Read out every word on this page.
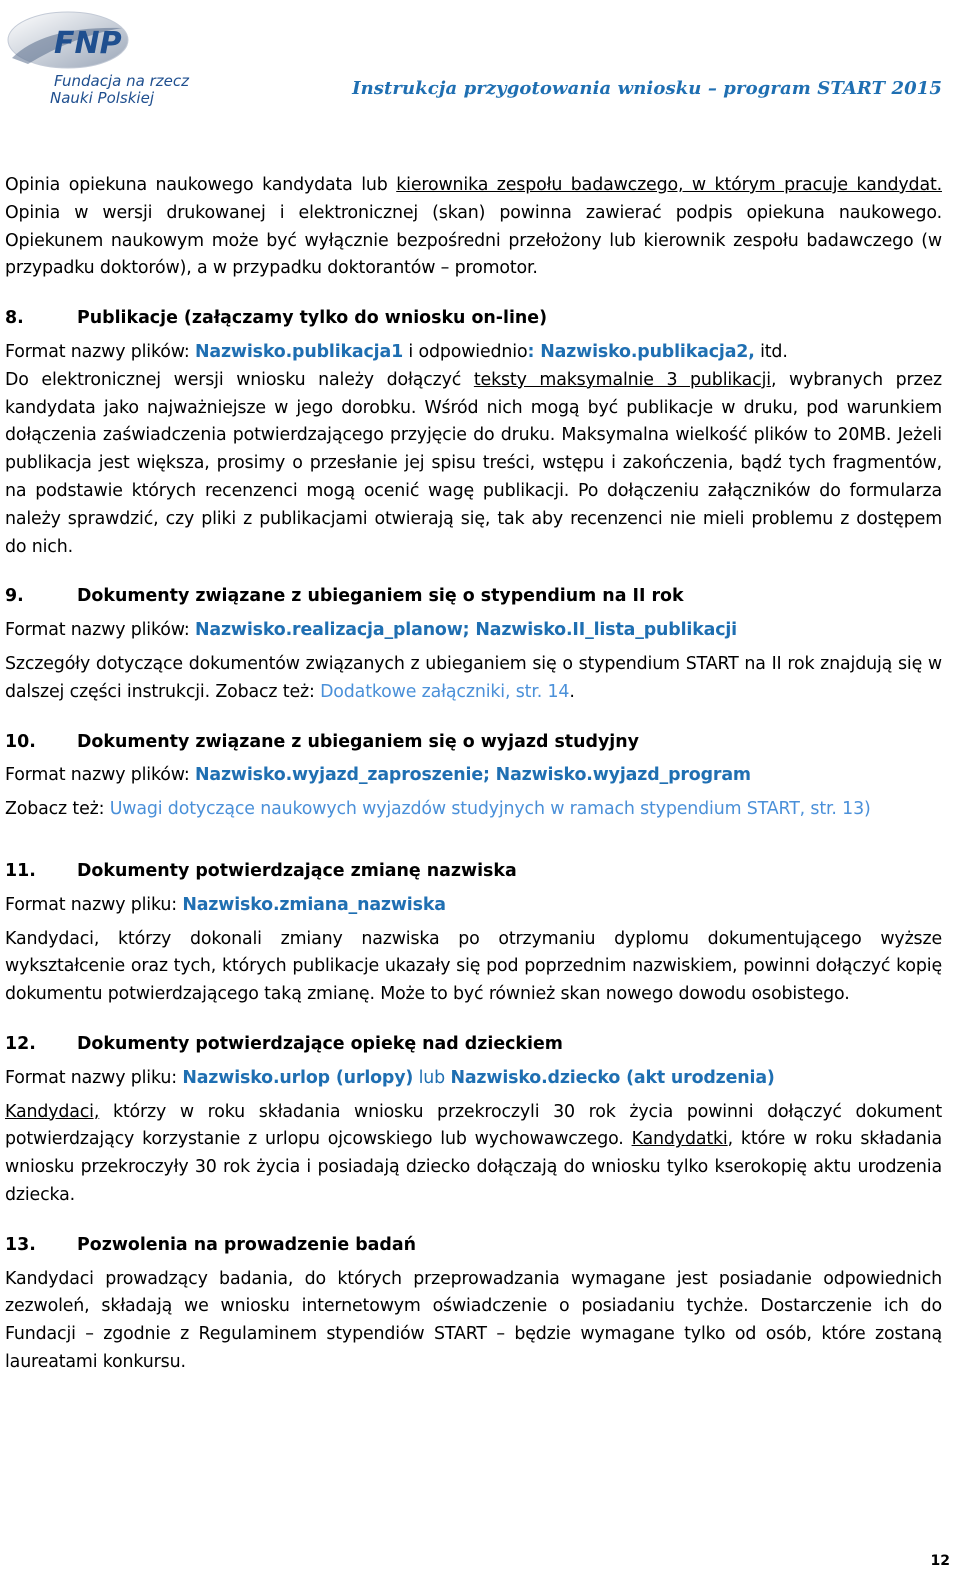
FNP
Fundacja na rzecz
Nauki Polskiej	Instrukcja przygotowania wniosku – program START 2015

Opinia opiekuna naukowego kandydata lub kierownika zespołu badawczego, w którym pracuje kandydat. Opinia w wersji drukowanej i elektronicznej (skan) powinna zawierać podpis opiekuna naukowego. Opiekunem naukowym może być wyłącznie bezpośredni przełożony lub kierownik zespołu badawczego (w przypadku doktorów), a w przypadku doktorantów – promotor.

8.	Publikacje (załączamy tylko do wniosku on-line)

Format nazwy plików: Nazwisko.publikacja1 i odpowiednio: Nazwisko.publikacja2, itd.

Do elektronicznej wersji wniosku należy dołączyć teksty maksymalnie 3 publikacji, wybranych przez kandydata jako najważniejsze w jego dorobku. Wśród nich mogą być publikacje w druku, pod warunkiem dołączenia zaświadczenia potwierdzającego przyjęcie do druku. Maksymalna wielkość plików to 20MB. Jeżeli publikacja jest większa, prosimy o przesłanie jej spisu treści, wstępu i zakończenia, bądź tych fragmentów, na podstawie których recenzenci mogą ocenić wagę publikacji. Po dołączeniu załączników do formularza należy sprawdzić, czy pliki z publikacjami otwierają się, tak aby recenzenci nie mieli problemu z dostępem do nich.

9.	Dokumenty związane z ubieganiem się o stypendium na II rok

Format nazwy plików: Nazwisko.realizacja_planow; Nazwisko.II_lista_publikacji

Szczegóły dotyczące dokumentów związanych z ubieganiem się o stypendium START na II rok znajdują się w dalszej części instrukcji. Zobacz też: Dodatkowe załączniki, str. 14.

10. Dokumenty związane z ubieganiem się o wyjazd studyjny

Format nazwy plików: Nazwisko.wyjazd_zaproszenie; Nazwisko.wyjazd_program

Zobacz też: Uwagi dotyczące naukowych wyjazdów studyjnych w ramach stypendium START, str. 13)

11. Dokumenty potwierdzające zmianę nazwiska

Format nazwy pliku: Nazwisko.zmiana_nazwiska

Kandydaci, którzy dokonali zmiany nazwiska po otrzymaniu dyplomu dokumentującego wyższe wykształcenie oraz tych, których publikacje ukazały się pod poprzednim nazwiskiem, powinni dołączyć kopię dokumentu potwierdzającego taką zmianę. Może to być również skan nowego dowodu osobistego.

12. Dokumenty potwierdzające opiekę nad dzieckiem

Format nazwy pliku: Nazwisko.urlop (urlopy) lub Nazwisko.dziecko (akt urodzenia)

Kandydaci, którzy w roku składania wniosku przekroczyli 30 rok życia powinni dołączyć dokument potwierdzający korzystanie z urlopu ojcowskiego lub wychowawczego. Kandydatki, które w roku składania wniosku przekroczyły 30 rok życia i posiadają dziecko dołączają do wniosku tylko kserokopię aktu urodzenia dziecka.

13. Pozwolenia na prowadzenie badań

Kandydaci prowadzący badania, do których przeprowadzania wymagane jest posiadanie odpowiednich zezwoleń, składają we wniosku internetowym oświadczenie o posiadaniu tychże. Dostarczenie ich do Fundacji – zgodnie z Regulaminem stypendiów START – będzie wymagane tylko od osób, które zostaną laureatami konkursu.

12
